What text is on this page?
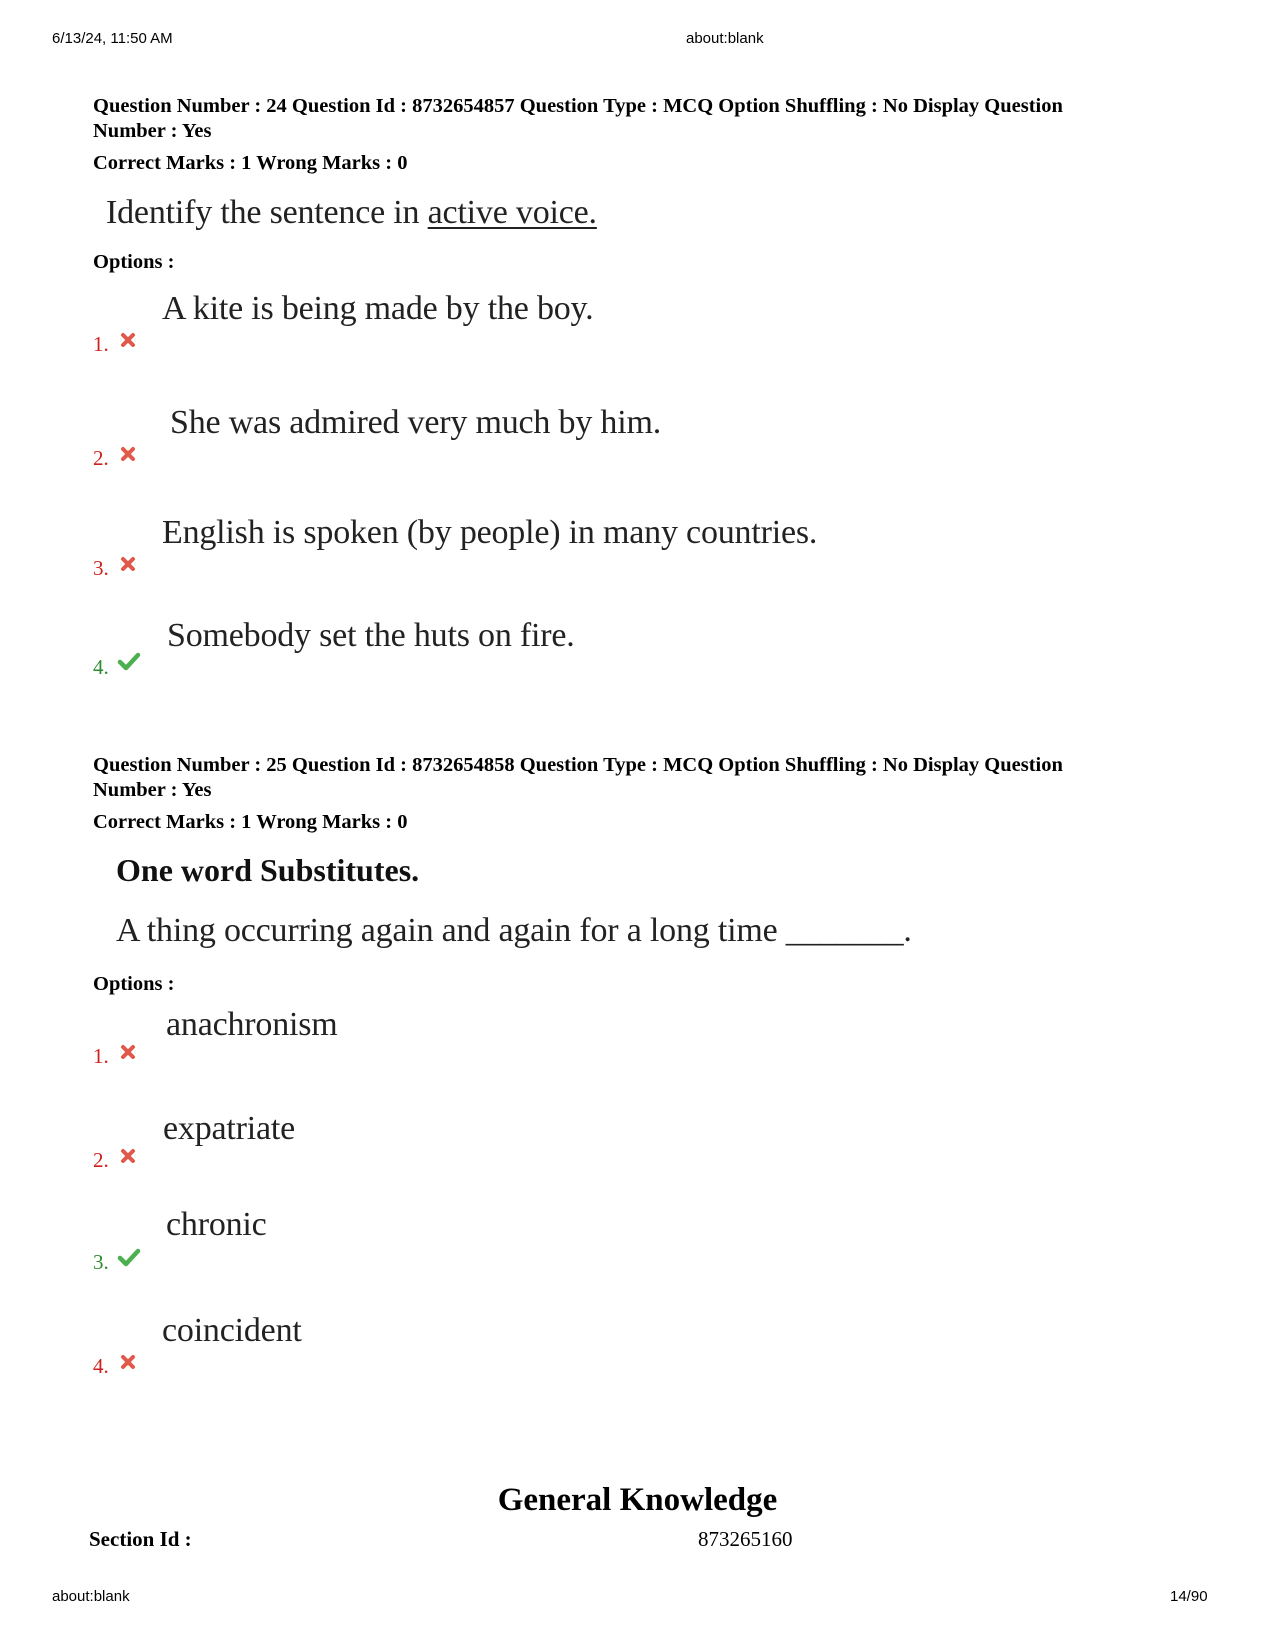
6/13/24, 11:50 AM	about:blank
Question Number : 24 Question Id : 8732654857 Question Type : MCQ Option Shuffling : No Display Question
Number : Yes
Correct Marks : 1 Wrong Marks : 0
Identify the sentence in active voice.
Options :
1.
A kite is being made by the boy.
2.
She was admired very much by him.
3.
English is spoken (by people) in many countries.
4.
Somebody set the huts on fire.
Question Number : 25 Question Id : 8732654858 Question Type : MCQ Option Shuffling : No Display Question
Number : Yes
Correct Marks : 1 Wrong Marks : 0
One word Substitutes.
A thing occurring again and again for a long time _______.
Options :
1.
anachronism
2.
expatriate
3.
chronic
4.
coincident
General Knowledge
Section Id :	873265160
about:blank	14/90
